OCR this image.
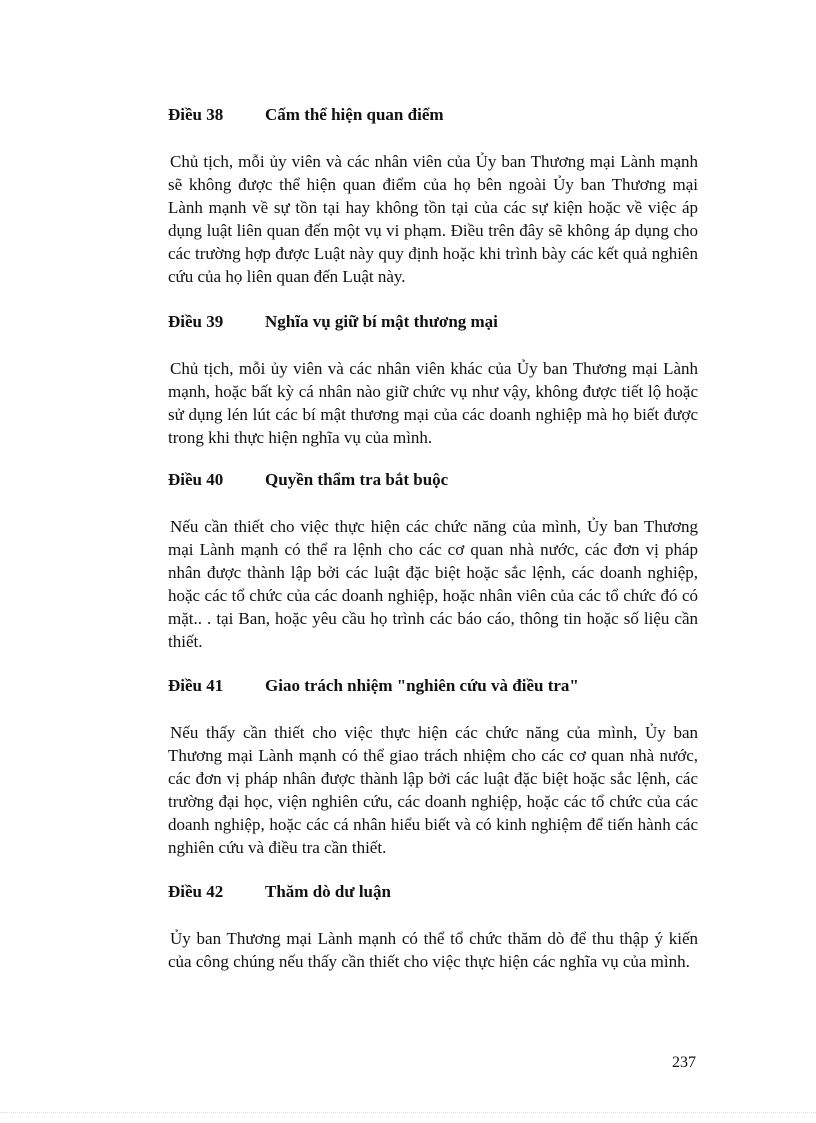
Điều 38 Cấm thể hiện quan điểm

Chủ tịch, mỗi ủy viên và các nhân viên của Ủy ban Thương mại Lành mạnh sẽ không được thể hiện quan điểm của họ bên ngoài Ủy ban Thương mại Lành mạnh về sự tồn tại hay không tồn tại của các sự kiện hoặc về việc áp dụng luật liên quan đến một vụ vi phạm. Điều trên đây sẽ không áp dụng cho các trường hợp được Luật này quy định hoặc khi trình bày các kết quả nghiên cứu của họ liên quan đến Luật này.

Điều 39 Nghĩa vụ giữ bí mật thương mại

Chủ tịch, mỗi ủy viên và các nhân viên khác của Ủy ban Thương mại Lành mạnh, hoặc bất kỳ cá nhân nào giữ chức vụ như vậy, không được tiết lộ hoặc sử dụng lén lút các bí mật thương mại của các doanh nghiệp mà họ biết được trong khi thực hiện nghĩa vụ của mình.

Điều 40 Quyền thẩm tra bắt buộc

Nếu cần thiết cho việc thực hiện các chức năng của mình, Ủy ban Thương mại Lành mạnh có thể ra lệnh cho các cơ quan nhà nước, các đơn vị pháp nhân được thành lập bởi các luật đặc biệt hoặc sắc lệnh, các doanh nghiệp, hoặc các tổ chức của các doanh nghiệp, hoặc nhân viên của các tổ chức đó có mặt.. . tại Ban, hoặc yêu cầu họ trình các báo cáo, thông tin hoặc số liệu cần thiết.

Điều 41 Giao trách nhiệm "nghiên cứu và điều tra"

Nếu thấy cần thiết cho việc thực hiện các chức năng của mình, Ủy ban Thương mại Lành mạnh có thể giao trách nhiệm cho các cơ quan nhà nước, các đơn vị pháp nhân được thành lập bởi các luật đặc biệt hoặc sắc lệnh, các trường đại học, viện nghiên cứu, các doanh nghiệp, hoặc các tổ chức của các doanh nghiệp, hoặc các cá nhân hiểu biết và có kinh nghiệm để tiến hành các nghiên cứu và điều tra cần thiết.

Điều 42 Thăm dò dư luận

Ủy ban Thương mại Lành mạnh có thể tổ chức thăm dò để thu thập ý kiến của công chúng nếu thấy cần thiết cho việc thực hiện các nghĩa vụ của mình.

237
